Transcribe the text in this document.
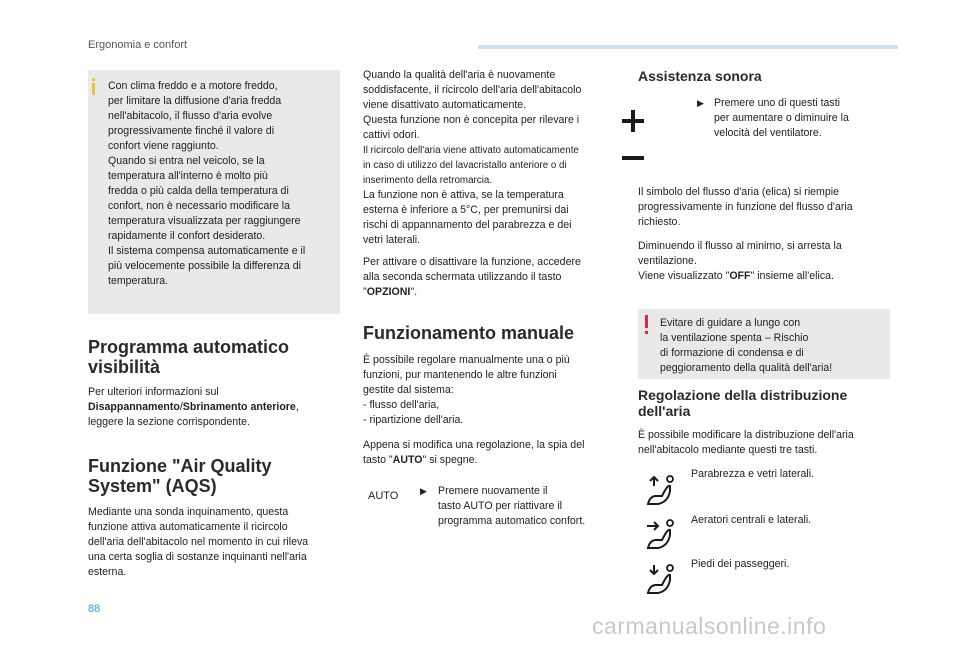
Ergonomia e confort

Con clima freddo e a motore freddo,

per limitare la diffusione d'aria fredda

nell'abitacolo, il flusso d'aria evolve

progressivamente finché il valore di

confort viene raggiunto.

Quando si entra nel veicolo, se la

temperatura all'interno è molto più

fredda o più calda della temperatura di

confort, non è necessario modificare la

temperatura visualizzata per raggiungere

rapidamente il confort desiderato.

Il sistema compensa automaticamente e il

più velocemente possibile la differenza di

temperatura.

Programma automatico
visibilità

Per ulteriori informazioni sul

Disappannamento/Sbrinamento anteriore,

leggere la sezione corrispondente.

Funzione "Air Quality
System" (AQS)

Mediante una sonda inquinamento, questa

funzione attiva automaticamente il ricircolo

dell'aria dell'abitacolo nel momento in cui rileva

una certa soglia di sostanze inquinanti nell'aria

esterna.

Quando la qualità dell'aria è nuovamente

soddisfacente, il ricircolo dell'aria dell'abitacolo

viene disattivato automaticamente.

Questa funzione non è concepita per rilevare i

cattivi odori.

Il ricircolo dell'aria viene attivato automaticamente

in caso di utilizzo del lavacristallo anteriore o di

inserimento della retromarcia.

La funzione non è attiva, se la temperatura

esterna è inferiore a 5°C, per premunirsi dai

rischi di appannamento del parabrezza e dei

vetri laterali.

Per attivare o disattivare la funzione, accedere

alla seconda schermata utilizzando il tasto

"OPZIONI".

Funzionamento manuale

È possibile regolare manualmente una o più

funzioni, pur mantenendo le altre funzioni

gestite dal sistema:

- flusso dell'aria,

- ripartizione dell'aria.

Appena si modifica una regolazione, la spia del

tasto "AUTO" si spegne.

AUTO ▶ Premere nuovamente il

tasto AUTO per riattivare il

programma automatico confort.

Assistenza sonora
▶ Premere uno di questi tasti

per aumentare o diminuire la

velocità del ventilatore.

Il simbolo del flusso d'aria (elica) si riempie

progressivamente in funzione del flusso d'aria

richiesto.

Diminuendo il flusso al minimo, si arresta la

ventilazione.

Viene visualizzato "OFF" insieme all'elica.

Evitare di guidare a lungo con

la ventilazione spenta – Rischio

di formazione di condensa e di

peggioramento della qualità dell'aria!

Regolazione della distribuzione
dell'aria

È possibile modificare la distribuzione dell'aria

nell'abitacolo mediante questi tre tasti.

Parabrezza e vetri laterali.
Aeratori centrali e laterali.
Piedi dei passeggeri.
88
carmanualsonline.info
